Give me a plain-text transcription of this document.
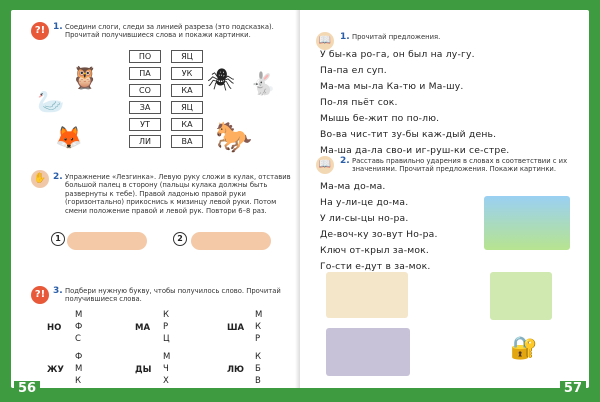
?! 1. Соедини слоги, следи за линией разреза (это подсказка). Прочитай получившиеся слова и покажи картинки.
ПО
ПА
СО
ЗА
УТ
ЛИ
ЯЦ
УК
КА
ЯЦ
КА
ВА
🦢
🦉
🦊
🕷 🐇
🐎
✋ 2. Упражнение «Лезгинка». Левую руку сложи в кулак, отставив большой палец в сторону (пальцы кулака должны быть развернуты к тебе). Правой ладонью правой руки (горизонтально) прикоснись к мизинцу левой руки. Потом смени положение правой и левой рук. Повтори 6–8 раз.
1	2
?! 3. Подбери нужную букву, чтобы получилось слово. Прочитай получившиеся слова.
НО
М
Ф
С
МА
К
Р
Ц
ША
М
К
Р
ЖУ
Ф
М
К
ДЫ
М
Ч
Х
ЛЮ
К
Б
В
📖 1. Прочитай предложения.
У бы-ка ро-га, он был на лу-гу.
Па-па ел суп.
Ма-ма мы-ла Ка-тю и Ма-шу.
По-ля пьёт сок.
Мышь бе-жит по по-лю.
Во-ва чис-тит зу-бы каж-дый день.
Ма-ша да-ла сво-и иг-руш-ки се-стре.
📖 2. Расставь правильно ударения в словах в соответствии с их значениями. Прочитай предложения. Покажи картинки.
Ма-ма до-ма.
На у-ли-це до-ма.
У ли-сы-цы но-ра.
Де-воч-ку зо-вут Но-ра.
Ключ от-крыл за-мок.
Го-сти е-дут в за-мок.
🔐
56	57
